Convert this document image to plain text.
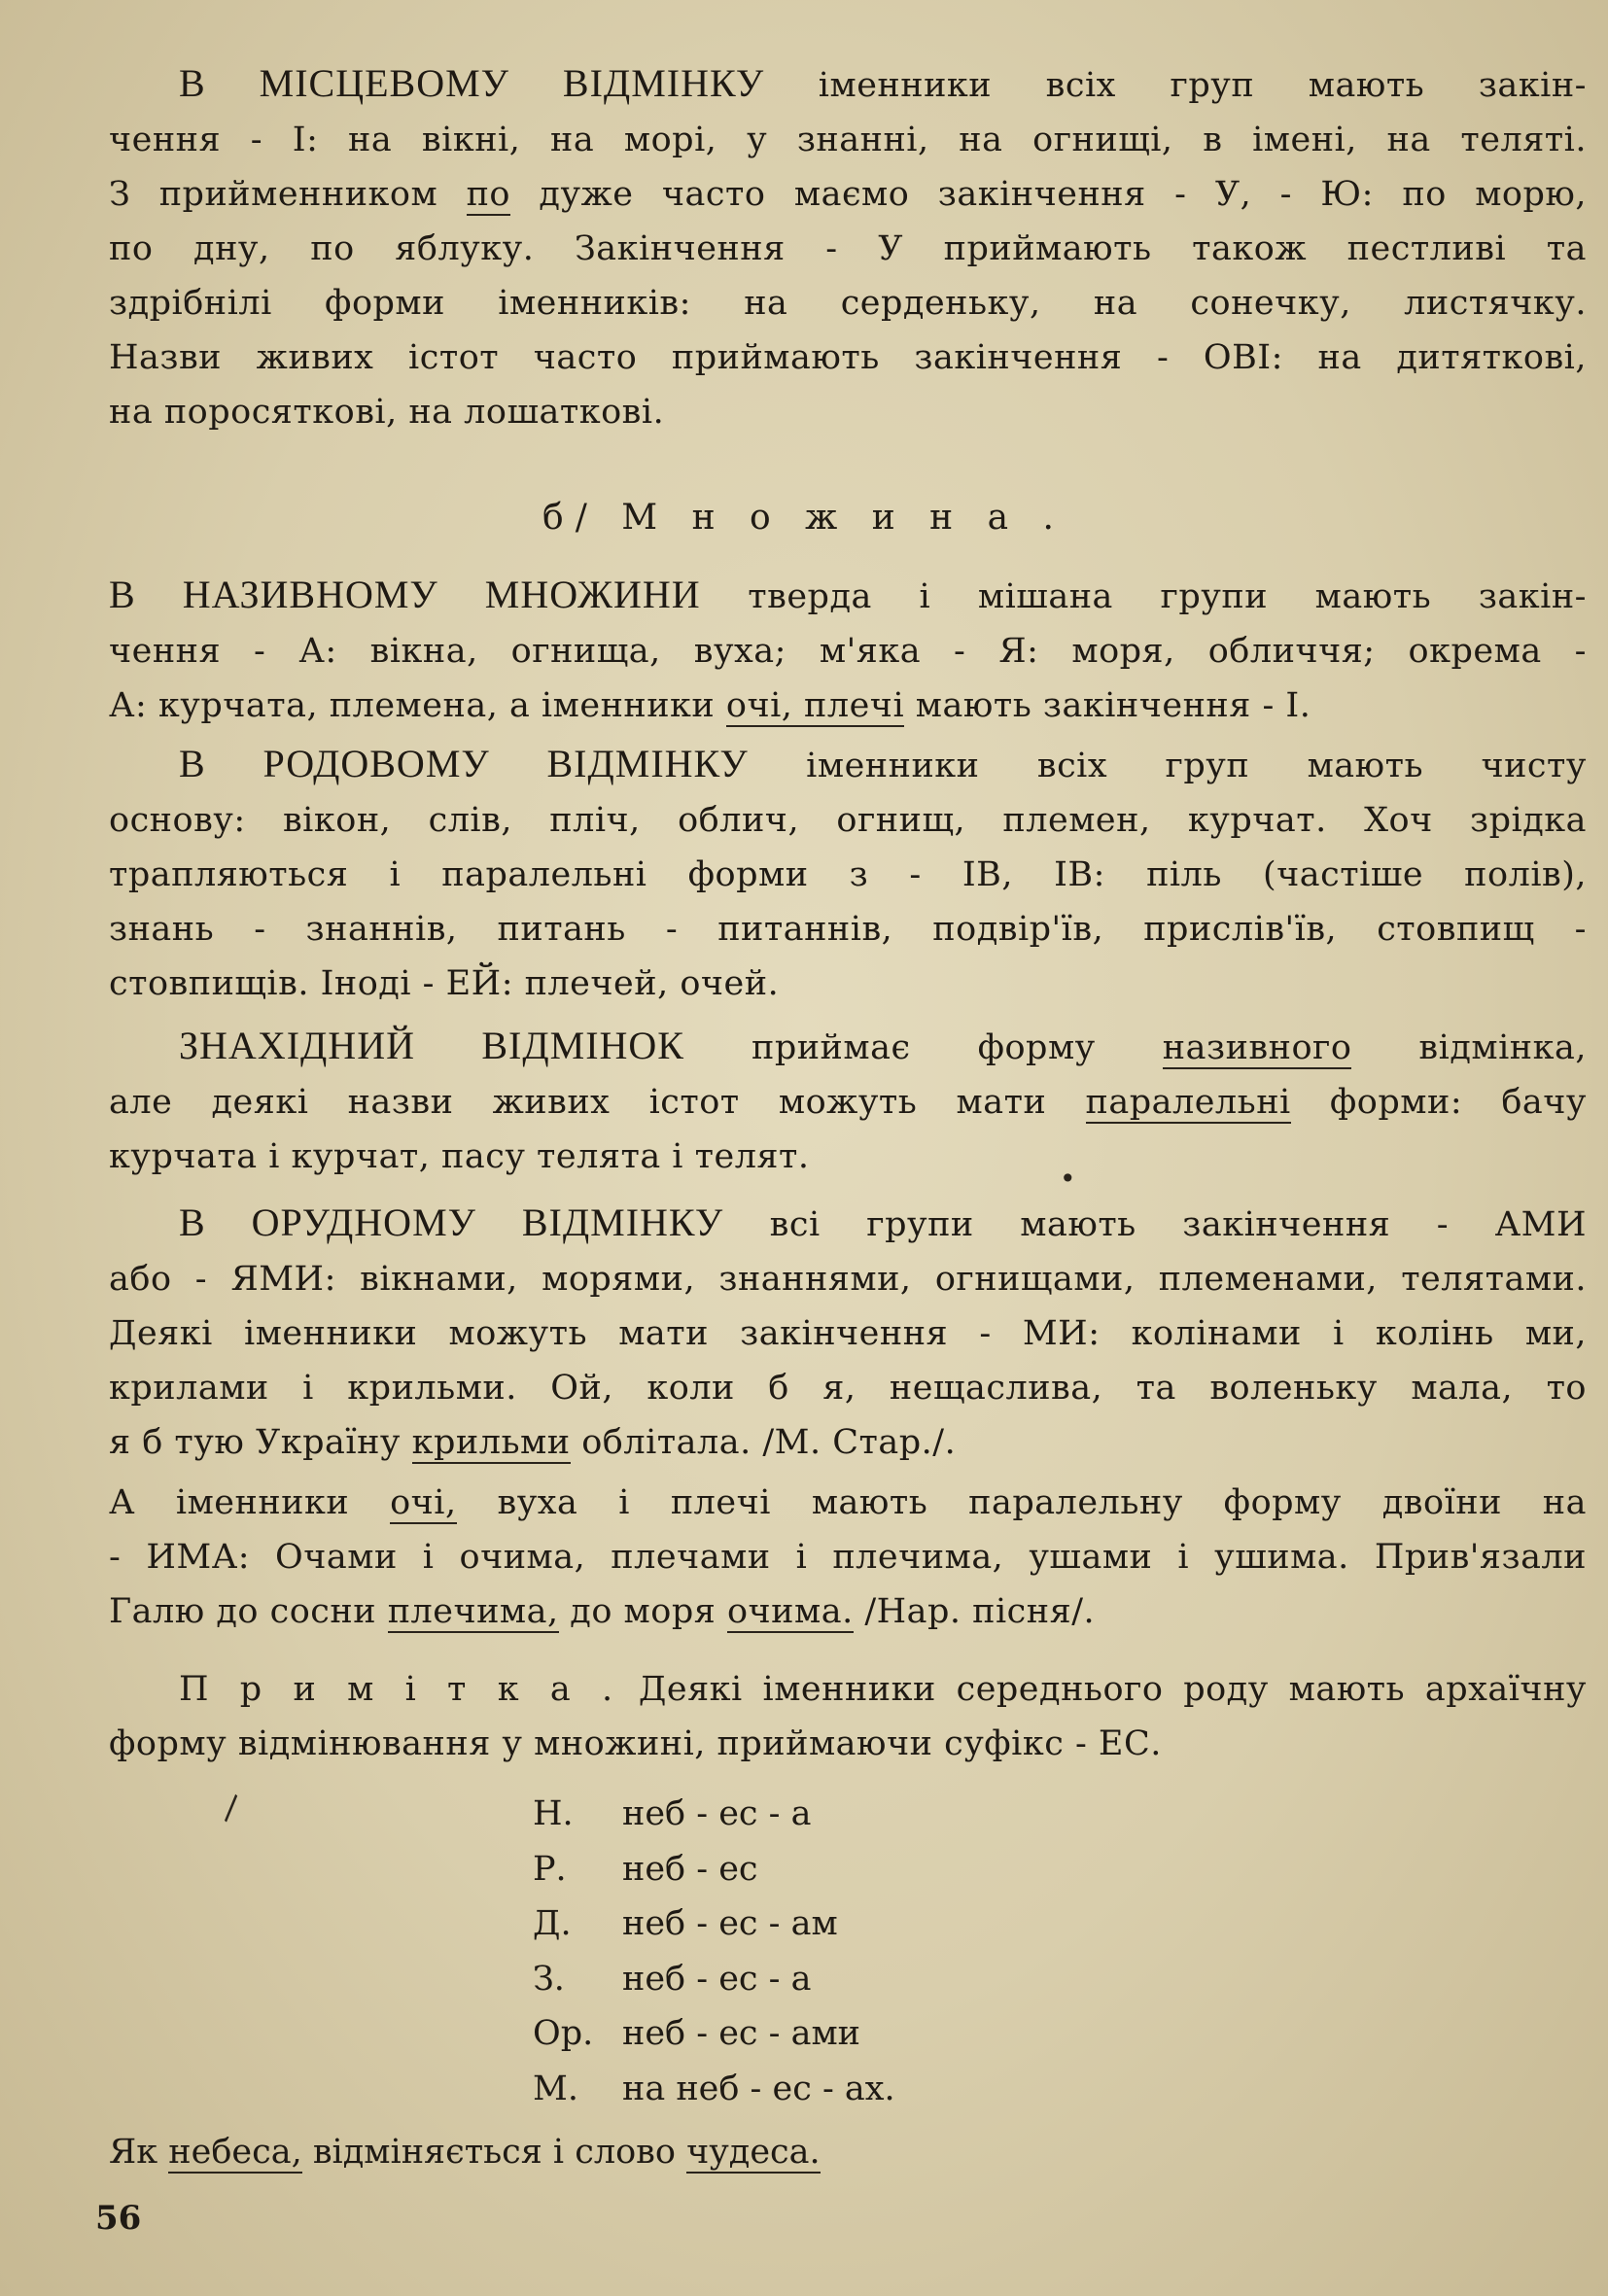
В МІСЦЕВОМУ ВІДМІНКУ іменники всіх груп мають закін-
чення - І: на вікні, на морі, у знанні, на огнищі, в імені, на теляті.
З прийменником по дуже часто маємо закінчення - У, - Ю: по морю,
по дну, по яблуку. Закінчення - У приймають також пестливі та
здрібнілі форми іменників: на серденьку, на сонечку, листячку.
Назви живих істот часто приймають закінчення - ОВІ: на дитяткові,
на поросяткові, на лошаткові.
б/ М н о ж и н а .
В НАЗИВНОМУ МНОЖИНИ тверда і мішана групи мають закін-
чення - А: вікна, огнища, вуха; м'яка - Я: моря, обличчя; окрема -
А: курчата, племена, а іменники очі, плечі мають закінчення - І.
В РОДОВОМУ ВІДМІНКУ іменники всіх груп мають чисту
основу: вікон, слів, пліч, облич, огнищ, племен, курчат. Хоч зрідка
трапляються і паралельні форми з - ІВ, ІВ: піль (частіше полів),
знань - знаннів, питань - питаннів, подвір'їв, прислів'їв, стовпищ -
стовпищів. Іноді - ЕЙ: плечей, очей.
ЗНАХІДНИЙ ВІДМІНОК приймає форму називного відмінка,
але деякі назви живих істот можуть мати паралельні форми: бачу
курчата і курчат, пасу телята і телят.
В ОРУДНОМУ ВІДМІНКУ всі групи мають закінчення - АМИ
або - ЯМИ: вікнами, морями, знаннями, огнищами, племенами, телятами.
Деякі іменники можуть мати закінчення - МИ: колінами і колінь ми,
крилами і крильми. Ой, коли б я, нещаслива, та воленьку мала, то
я б тую Україну крильми облітала. /М. Стар./.
А іменники очі, вуха і плечі мають паралельну форму двоїни на
- ИМА: Очами і очима, плечами і плечима, ушами і ушима. Прив'язали
Галю до сосни плечима, до моря очима. /Нар. пісня/.
П р и м і т к а . Деякі іменники середнього роду мають архаїчну
форму відмінювання у множині, приймаючи суфікс - ЕС.
Н.	неб - ес - а
Р.	неб - ес
Д.	неб - ес - ам
З.	неб - ес - а
Ор. неб - ес - ами
М.	на неб - ес - ах.
Як небеса, відміняється і слово чудеса.
56
\
•
